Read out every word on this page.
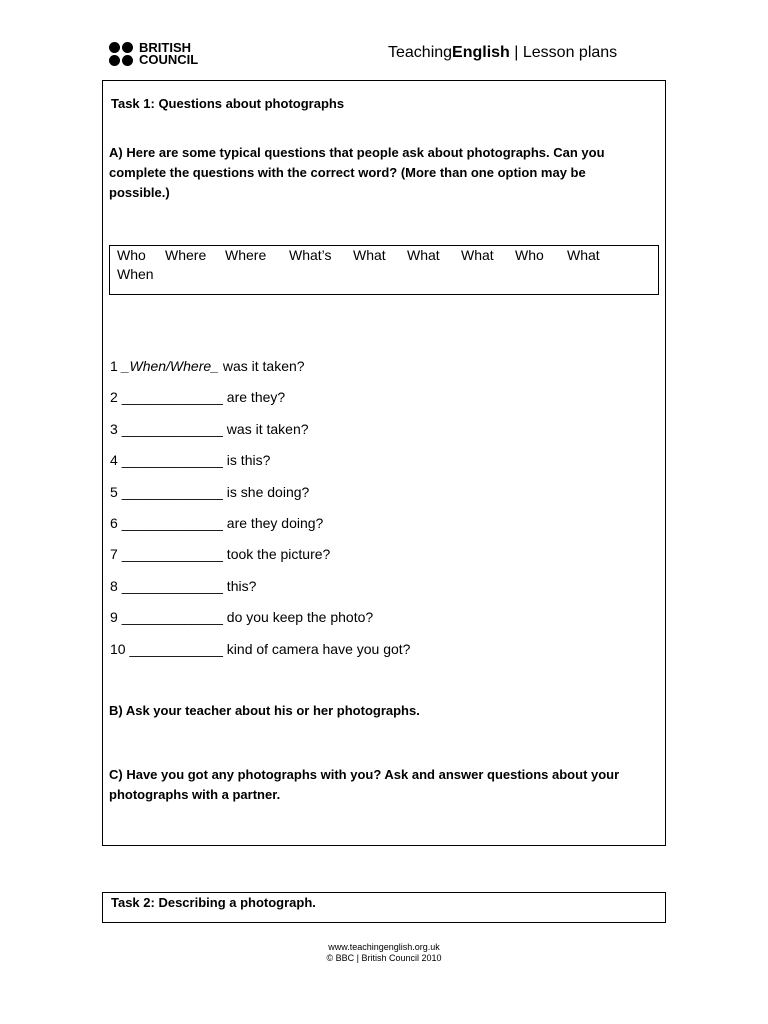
BRITISH
COUNCIL	TeachingEnglish | Lesson plans
Task 1: Questions about photographs
A) Here are some typical questions that people ask about photographs. Can you complete the questions with the correct word? (More than one option may be possible.)
Who Where Where What’s What What What Who What
When
1 _When/Where_ was it taken?
2 _____________ are they?
3 _____________ was it taken?
4 _____________ is this?
5 _____________ is she doing?
6 _____________ are they doing?
7 _____________ took the picture?
8 _____________ this?
9 _____________ do you keep the photo?
10 ____________ kind of camera have you got?
B) Ask your teacher about his or her photographs.
C) Have you got any photographs with you? Ask and answer questions about your photographs with a partner.
Task 2: Describing a photograph.
www.teachingenglish.org.uk
© BBC | British Council 2010
